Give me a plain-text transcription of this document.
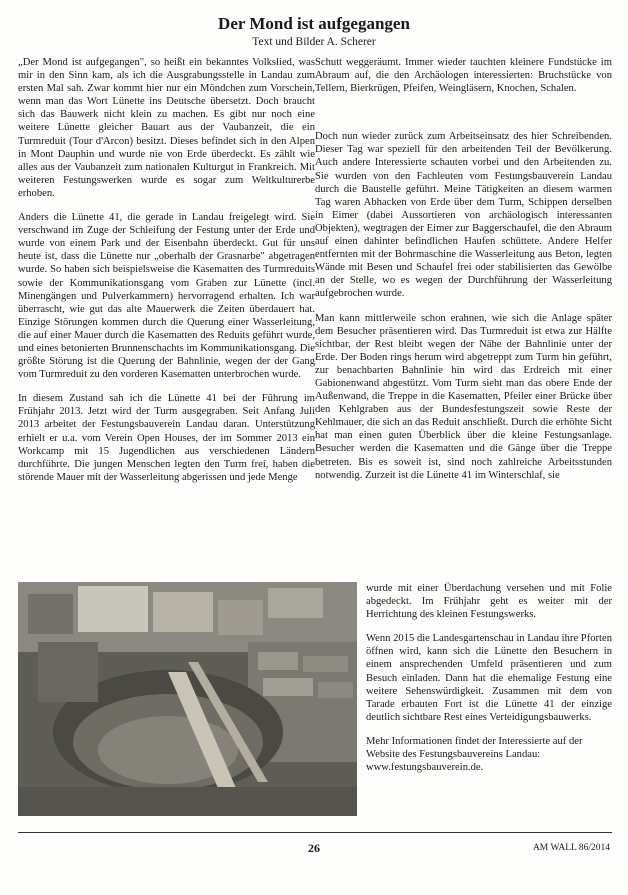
Der Mond ist aufgegangen
Text und Bilder A. Scherer

„Der Mond ist aufgegangen", so heißt ein bekanntes Volkslied, was mir in den Sinn kam, als ich die Ausgrabungsstelle in Landau zum ersten Mal sah. Zwar kommt hier nur ein Möndchen zum Vorschein, wenn man das Wort Lünette ins Deutsche übersetzt. Doch braucht sich das Bauwerk nicht klein zu machen. Es gibt nur noch eine weitere Lünette gleicher Bauart aus der Vaubanzeit, die ein Turmreduit (Tour d'Arcon) besitzt. Dieses befindet sich in den Alpen in Mont Dauphin und wurde nie von Erde überdeckt. Es zählt wie alles aus der Vaubanzeit zum nationalen Kulturgut in Frankreich. Mit weiteren Festungswerken wurde es sogar zum Weltkulturerbe erhoben.

Anders die Lünette 41, die gerade in Landau freigelegt wird. Sie verschwand im Zuge der Schleifung der Festung unter der Erde und wurde von einem Park und der Eisenbahn überdeckt. Gut für uns heute ist, dass die Lünette nur „oberhalb der Grasnarbe" abgetragen wurde. So haben sich beispielsweise die Kasematten des Turmreduits sowie der Kommunikationsgang vom Graben zur Lünette (incl. Minengängen und Pulverkammern) hervorragend erhalten. Ich war überrascht, wie gut das alte Mauerwerk die Zeiten überdauert hat. Einzige Störungen kommen durch die Querung einer Wasserleitung, die auf einer Mauer durch die Kasematten des Reduits geführt wurde, und eines betonierten Brunnenschachts im Kommunikationsgang. Die größte Störung ist die Querung der Bahnlinie, wegen der der Gang vom Turmreduit zu den vorderen Kasematten unterbrochen wurde.

In diesem Zustand sah ich die Lünette 41 bei der Führung im Frühjahr 2013. Jetzt wird der Turm ausgegraben. Seit Anfang Juli 2013 arbeitet der Festungsbauverein Landau daran. Unterstützung erhielt er u.a. vom Verein Open Houses, der im Sommer 2013 ein Workcamp mit 15 Jugendlichen aus verschiedenen Ländern durchführte. Die jungen Menschen legten den Turm frei, haben die störende Mauer mit der Wasserleitung abgerissen und jede Menge

Schutt weggeräumt. Immer wieder tauchten kleinere Fundstücke im Abraum auf, die den Archäologen interessierten: Bruchstücke von Tellern, Bierkrügen, Pfeifen, Weingläsern, Knochen, Schalen.

Doch nun wieder zurück zum Arbeitseinsatz des hier Schreibenden. Dieser Tag war speziell für den arbeitenden Teil der Bevölkerung. Auch andere Interessierte schauten vorbei und den Arbeitenden zu. Sie wurden von den Fachleuten vom Festungsbauverein Landau durch die Baustelle geführt. Meine Tätigkeiten an diesem warmen Tag waren Abhacken von Erde über dem Turm, Schippen derselben in Eimer (dabei Aussortieren von archäologisch interessanten Objekten), wegtragen der Eimer zur Baggerschaufel, die den Abraum auf einen dahinter befindlichen Haufen schüttete. Andere Helfer entfernten mit der Bohrmaschine die Wasserleitung aus Beton, legten Wände mit Besen und Schaufel frei oder stabilisierten das Gewölbe an der Stelle, wo es wegen der Durchführung der Wasserleitung aufgebrochen wurde.

Man kann mittlerweile schon erahnen, wie sich die Anlage später dem Besucher präsentieren wird. Das Turmreduit ist etwa zur Hälfte sichtbar, der Rest bleibt wegen der Nähe der Bahnlinie unter der Erde. Der Boden rings herum wird abgetreppt zum Turm hin geführt, zur benachbarten Bahnlinie hin wird das Erdreich mit einer Gabionenwand abgestützt. Vom Turm sieht man das obere Ende der Außenwand, die Treppe in die Kasematten, Pfeiler einer Brücke über den Kehlgraben aus der Bundesfestungszeit sowie Reste der Kehlmauer, die sich an das Reduit anschließt. Durch die erhöhte Sicht hat man einen guten Überblick über die kleine Festungsanlage. Besucher werden die Kasematten und die Gänge über die Treppe betreten. Bis es soweit ist, sind noch zahlreiche Arbeitsstunden notwendig. Zurzeit ist die Lünette 41 im Winterschlaf, sie

wurde mit einer Überdachung versehen und mit Folie abgedeckt. Im Frühjahr geht es weiter mit der Herrichtung des kleinen Festungswerks.

Wenn 2015 die Landesgartenschau in Landau ihre Pforten öffnen wird, kann sich die Lünette den Besuchern in einem ansprechenden Umfeld präsentieren und zum Besuch einladen. Dann hat die ehemalige Festung eine weitere Sehenswürdigkeit. Zusammen mit dem von Tarade erbauten Fort ist die Lünette 41 der einzige deutlich sichtbare Rest eines Verteidigungsbauwerks.

Mehr Informationen findet der Interessierte auf der Website des Festungsbauvereins Landau: www.festungsbauverein.de.

26	AM WALL 86/2014
